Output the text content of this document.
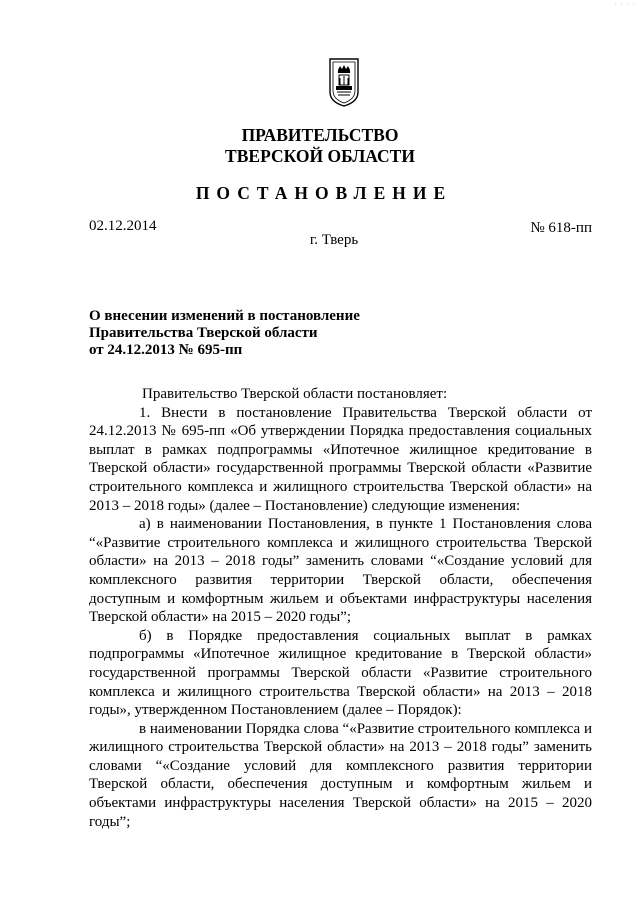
· · · ·
ПРАВИТЕЛЬСТВО
ТВЕРСКОЙ ОБЛАСТИ
ПОСТАНОВЛЕНИЕ
02.12.2014	№ 618-пп
г. Тверь
О внесении изменений в постановление
Правительства Тверской области
от 24.12.2013 № 695-пп

Правительство Тверской области постановляет:

1. Внести в постановление Правительства Тверской области от 24.12.2013 № 695-пп «Об утверждении Порядка предоставления социальных выплат в рамках подпрограммы «Ипотечное жилищное кредитование в Тверской области» государственной программы Тверской области «Развитие строительного комплекса и жилищного строительства Тверской области» на 2013 – 2018 годы» (далее – Постановление) следующие изменения:

а) в наименовании Постановления, в пункте 1 Постановления слова “«Развитие строительного комплекса и жилищного строительства Тверской области» на 2013 – 2018 годы” заменить словами “«Создание условий для комплексного развития территории Тверской области, обеспечения доступным и комфортным жильем и объектами инфраструктуры населения Тверской области» на 2015 – 2020 годы”;

б) в Порядке предоставления социальных выплат в рамках подпрограммы «Ипотечное жилищное кредитование в Тверской области» государственной программы Тверской области «Развитие строительного комплекса и жилищного строительства Тверской области» на 2013 – 2018 годы», утвержденном Постановлением (далее – Порядок):

в наименовании Порядка слова “«Развитие строительного комплекса и жилищного строительства Тверской области» на 2013 – 2018 годы” заменить словами “«Создание условий для комплексного развития территории Тверской области, обеспечения доступным и комфортным жильем и объектами инфраструктуры населения Тверской области» на 2015 – 2020 годы”;
